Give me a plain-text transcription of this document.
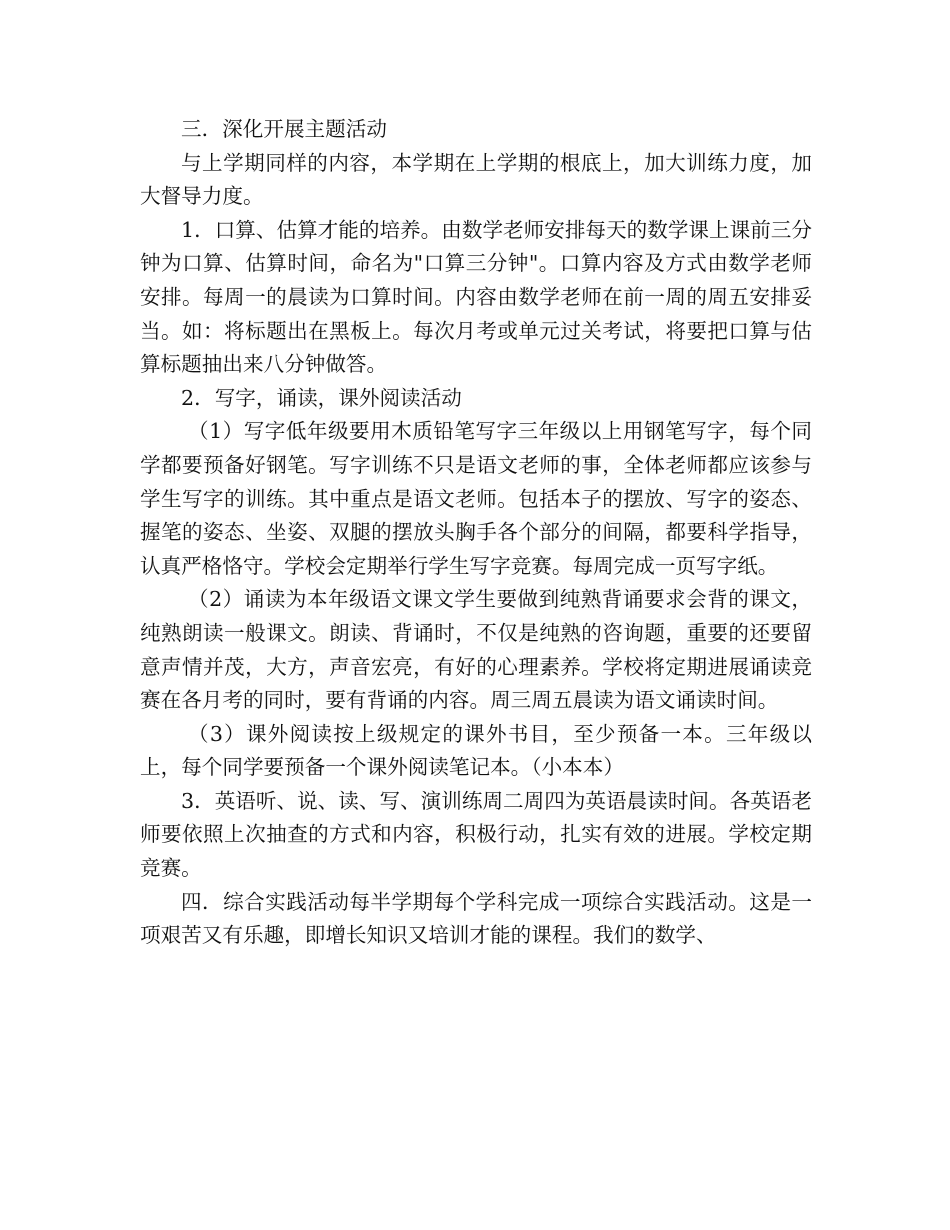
三．深化开展主题活动

与上学期同样的内容，本学期在上学期的根底上，加大训练力度，加大督导力度。

1．口算、估算才能的培养。由数学老师安排每天的数学课上课前三分钟为口算、估算时间，命名为"口算三分钟"。口算内容及方式由数学老师安排。每周一的晨读为口算时间。内容由数学老师在前一周的周五安排妥当。如：将标题出在黑板上。每次月考或单元过关考试，将要把口算与估算标题抽出来八分钟做答。

2．写字，诵读，课外阅读活动

（1）写字低年级要用木质铅笔写字三年级以上用钢笔写字，每个同学都要预备好钢笔。写字训练不只是语文老师的事，全体老师都应该参与学生写字的训练。其中重点是语文老师。包括本子的摆放、写字的姿态、握笔的姿态、坐姿、双腿的摆放头胸手各个部分的间隔，都要科学指导，认真严格恪守。学校会定期举行学生写字竞赛。每周完成一页写字纸。

（2）诵读为本年级语文课文学生要做到纯熟背诵要求会背的课文，纯熟朗读一般课文。朗读、背诵时，不仅是纯熟的咨询题，重要的还要留意声情并茂，大方，声音宏亮，有好的心理素养。学校将定期进展诵读竞赛在各月考的同时，要有背诵的内容。周三周五晨读为语文诵读时间。

（3）课外阅读按上级规定的课外书目，至少预备一本。三年级以上，每个同学要预备一个课外阅读笔记本。（小本本）

3．英语听、说、读、写、演训练周二周四为英语晨读时间。各英语老师要依照上次抽查的方式和内容，积极行动，扎实有效的进展。学校定期竞赛。

四．综合实践活动每半学期每个学科完成一项综合实践活动。这是一项艰苦又有乐趣，即增长知识又培训才能的课程。我们的数学、
